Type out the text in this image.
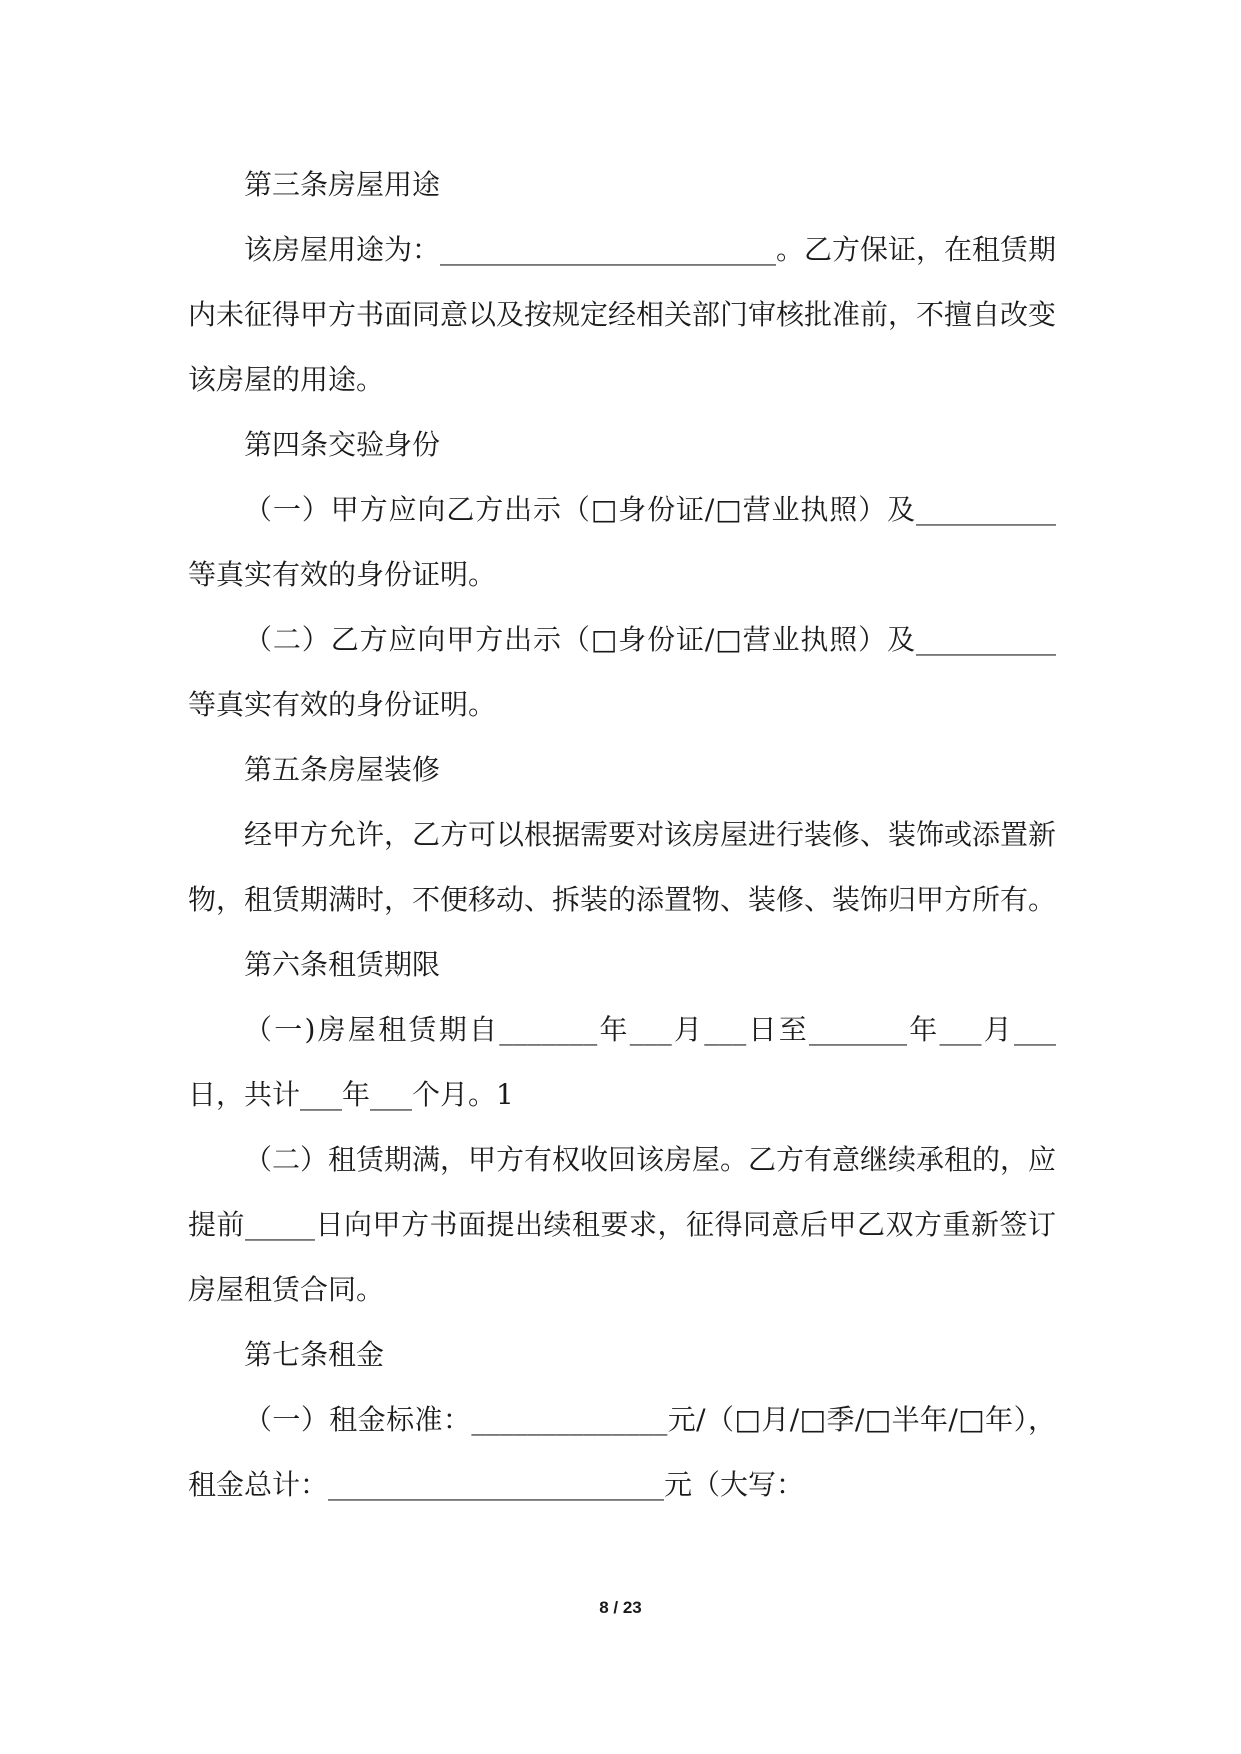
第三条房屋用途

该房屋用途为：________________________。乙方保证，在租赁期内未征得甲方书面同意以及按规定经相关部门审核批准前，不擅自改变该房屋的用途。

第四条交验身份

（一）甲方应向乙方出示（□身份证/□营业执照）及__________等真实有效的身份证明。

（二）乙方应向甲方出示（□身份证/□营业执照）及__________等真实有效的身份证明。

第五条房屋装修

经甲方允许，乙方可以根据需要对该房屋进行装修、装饰或添置新物，租赁期满时，不便移动、拆装的添置物、装修、装饰归甲方所有。

第六条租赁期限

（一)房屋租赁期自_______年___月___日至_______年___月___日，共计___年___个月。1

（二）租赁期满，甲方有权收回该房屋。乙方有意继续承租的，应提前_____日向甲方书面提出续租要求，征得同意后甲乙双方重新签订房屋租赁合同。

第七条租金

（一）租金标准：______________元/（□月/□季/□半年/□年），租金总计：________________________元（大写：

8 / 23
